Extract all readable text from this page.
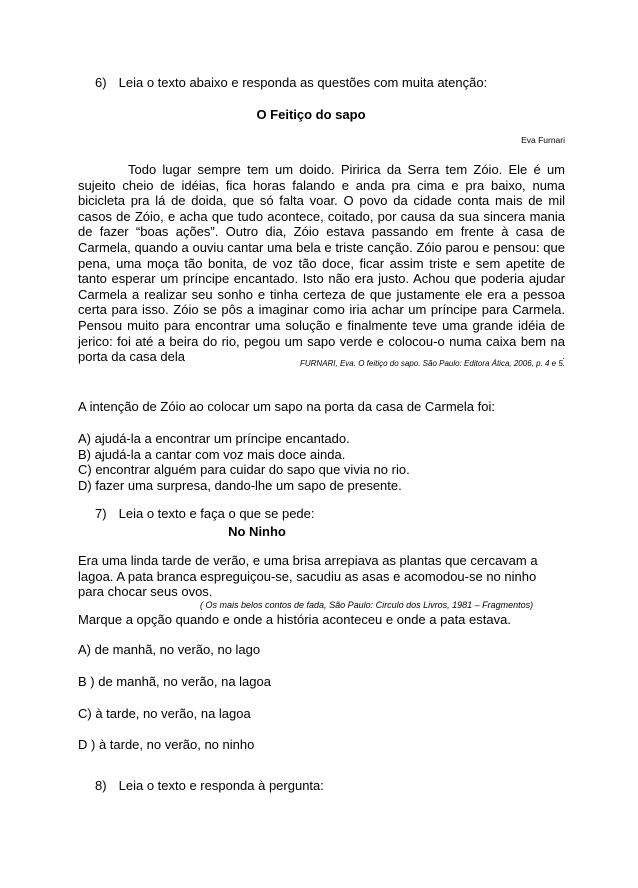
6) Leia o texto abaixo e responda as questões com muita atenção:
O Feitiço do sapo
Eva Furnari
Todo lugar sempre tem um doido. Piririca da Serra tem Zóio. Ele é um sujeito cheio de idéias, fica horas falando e anda pra cima e pra baixo, numa bicicleta pra lá de doida, que só falta voar. O povo da cidade conta mais de mil casos de Zóio, e acha que tudo acontece, coitado, por causa da sua sincera mania de fazer “boas ações”. Outro dia, Zóio estava passando em frente à casa de Carmela, quando a ouviu cantar uma bela e triste canção. Zóio parou e pensou: que pena, uma moça tão bonita, de voz tão doce, ficar assim triste e sem apetite de tanto esperar um príncipe encantado. Isto não era justo. Achou que poderia ajudar Carmela a realizar seu sonho e tinha certeza de que justamente ele era a pessoa certa para isso. Zóio se pôs a imaginar como iria achar um príncipe para Carmela. Pensou muito para encontrar uma solução e finalmente teve uma grande idéia de jerico: foi até a beira do rio, pegou um sapo verde e colocou-o numa caixa bem na porta da casa dela	.
FURNARI, Eva. O feitiço do sapo. São Paulo: Editora Ática, 2006, p. 4 e 5.
A intenção de Zóio ao colocar um sapo na porta da casa de Carmela foi:
A) ajudá-la a encontrar um príncipe encantado.
B) ajudá-la a cantar com voz mais doce ainda.
C) encontrar alguém para cuidar do sapo que vivia no rio.
D) fazer uma surpresa, dando-lhe um sapo de presente.
7) Leia o texto e faça o que se pede:
No Ninho
Era uma linda tarde de verão, e uma brisa arrepiava as plantas que cercavam a lagoa. A pata branca espreguiçou-se, sacudiu as asas e acomodou-se no ninho para chocar seus ovos.
( Os mais belos contos de fada, São Paulo: Circulo dos Livros, 1981 – Fragmentos)
Marque a opção quando e onde a história aconteceu e onde a pata estava.
A) de manhã, no verão, no lago
B ) de manhã, no verão, na lagoa
C) à tarde, no verão, na lagoa
D ) à tarde, no verão, no ninho
8) Leia o texto e responda à pergunta:
